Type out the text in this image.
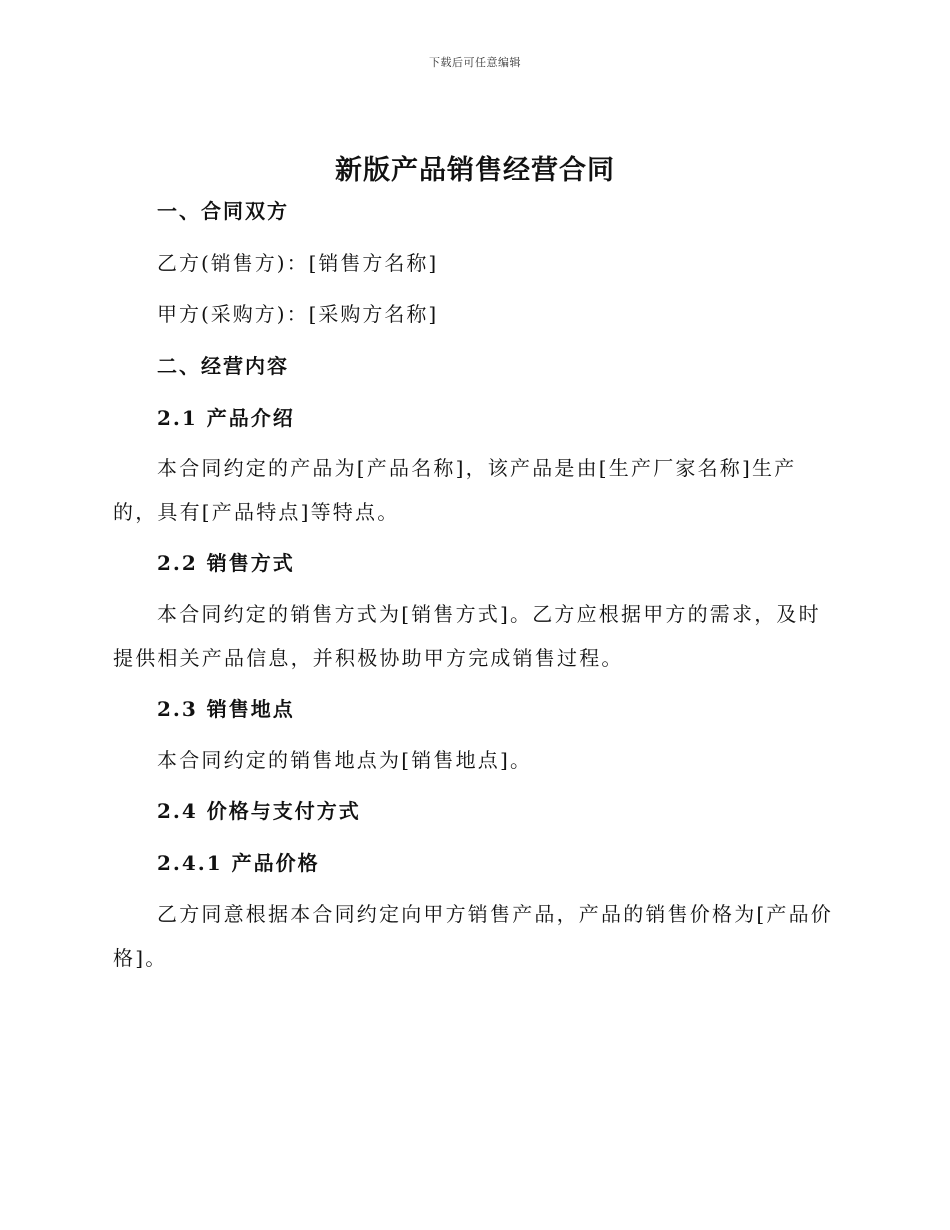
下载后可任意编辑
新版产品销售经营合同
一、合同双方
乙方(销售方)：[销售方名称]
甲方(采购方)：[采购方名称]
二、经营内容
2.1 产品介绍

本合同约定的产品为[产品名称]，该产品是由[生产厂家名称]生产的，具有[产品特点]等特点。

2.2 销售方式

本合同约定的销售方式为[销售方式]。乙方应根据甲方的需求，及时提供相关产品信息，并积极协助甲方完成销售过程。

2.3 销售地点

本合同约定的销售地点为[销售地点]。

2.4 价格与支付方式
2.4.1 产品价格

乙方同意根据本合同约定向甲方销售产品，产品的销售价格为[产品价格]。
